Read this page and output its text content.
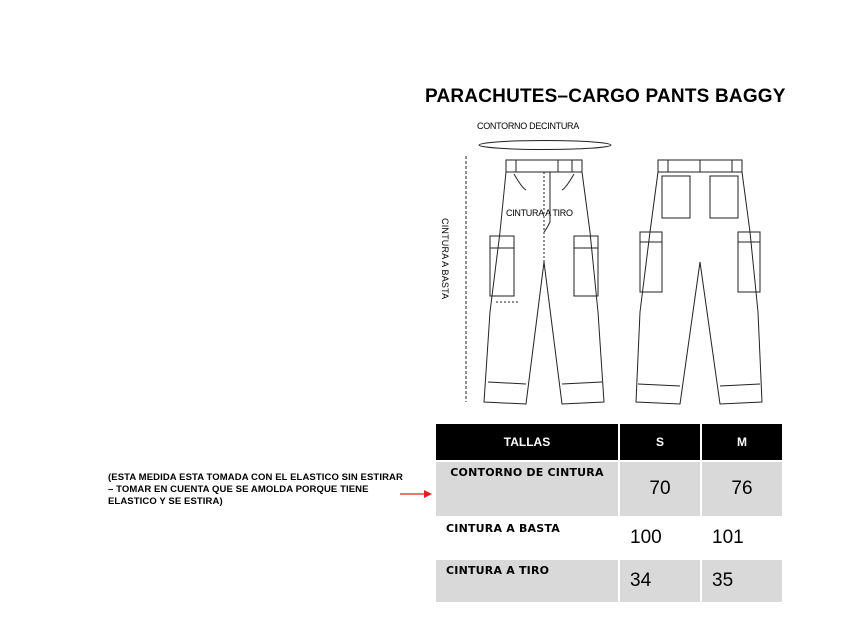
PARACHUTES–CARGO PANTS BAGGY
CONTORNO DECINTURA
CINTURA A TIRO
CINTURA A BASTA
(ESTA MEDIDA ESTA TOMADA CON EL ELASTICO SIN ESTIRAR – TOMAR EN CUENTA QUE SE AMOLDA PORQUE TIENE ELASTICO Y SE ESTIRA)
TALLAS	S	M
CONTORNO DE CINTURA	70	76
CINTURA A BASTA	100	101
CINTURA A TIRO	34	35
